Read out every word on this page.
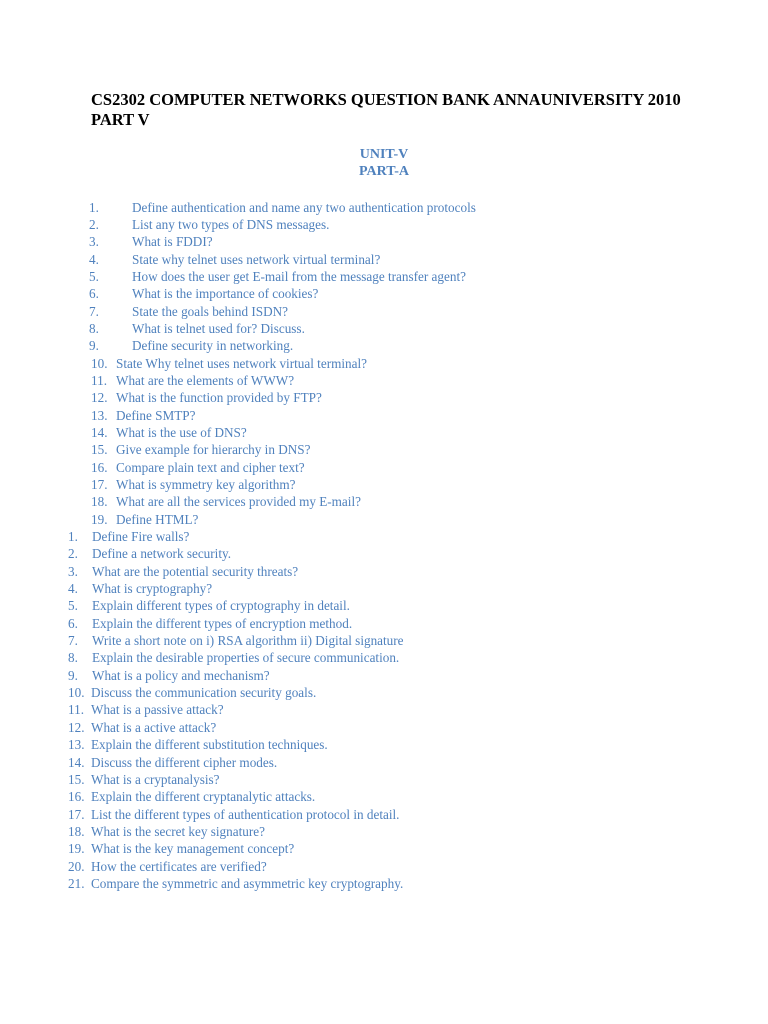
CS2302 COMPUTER NETWORKS QUESTION BANK ANNAUNIVERSITY 2010 PART V
UNIT-V
PART-A
1.	Define authentication and name any two authentication protocols
2.	List any two types of DNS messages.
3.	What is FDDI?
4.	State why telnet uses network virtual terminal?
5.	How does the user get E-mail from the message transfer agent?
6.	What is the importance of cookies?
7.	State the goals behind ISDN?
8.	What is telnet used for? Discuss.
9.	Define security in networking.
10. State Why telnet uses network virtual terminal?
11. What are the elements of WWW?
12. What is the function provided by FTP?
13. Define SMTP?
14. What is the use of DNS?
15. Give example for hierarchy in DNS?
16. Compare plain text and cipher text?
17. What is symmetry key algorithm?
18. What are all the services provided my E-mail?
19. Define HTML?
1. Define Fire walls?
2. Define a network security.
3. What are the potential security threats?
4. What is cryptography?
5. Explain different types of cryptography in detail.
6. Explain the different types of encryption method.
7. Write a short note on i) RSA algorithm ii) Digital signature
8. Explain the desirable properties of secure communication.
9. What is a policy and mechanism?
10. Discuss the communication security goals.
11. What is a passive attack?
12. What is a active attack?
13. Explain the different substitution techniques.
14. Discuss the different cipher modes.
15. What is a cryptanalysis?
16. Explain the different cryptanalytic attacks.
17. List the different types of authentication protocol in detail.
18. What is the secret key signature?
19. What is the key management concept?
20. How the certificates are verified?
21. Compare the symmetric and asymmetric key cryptography.
